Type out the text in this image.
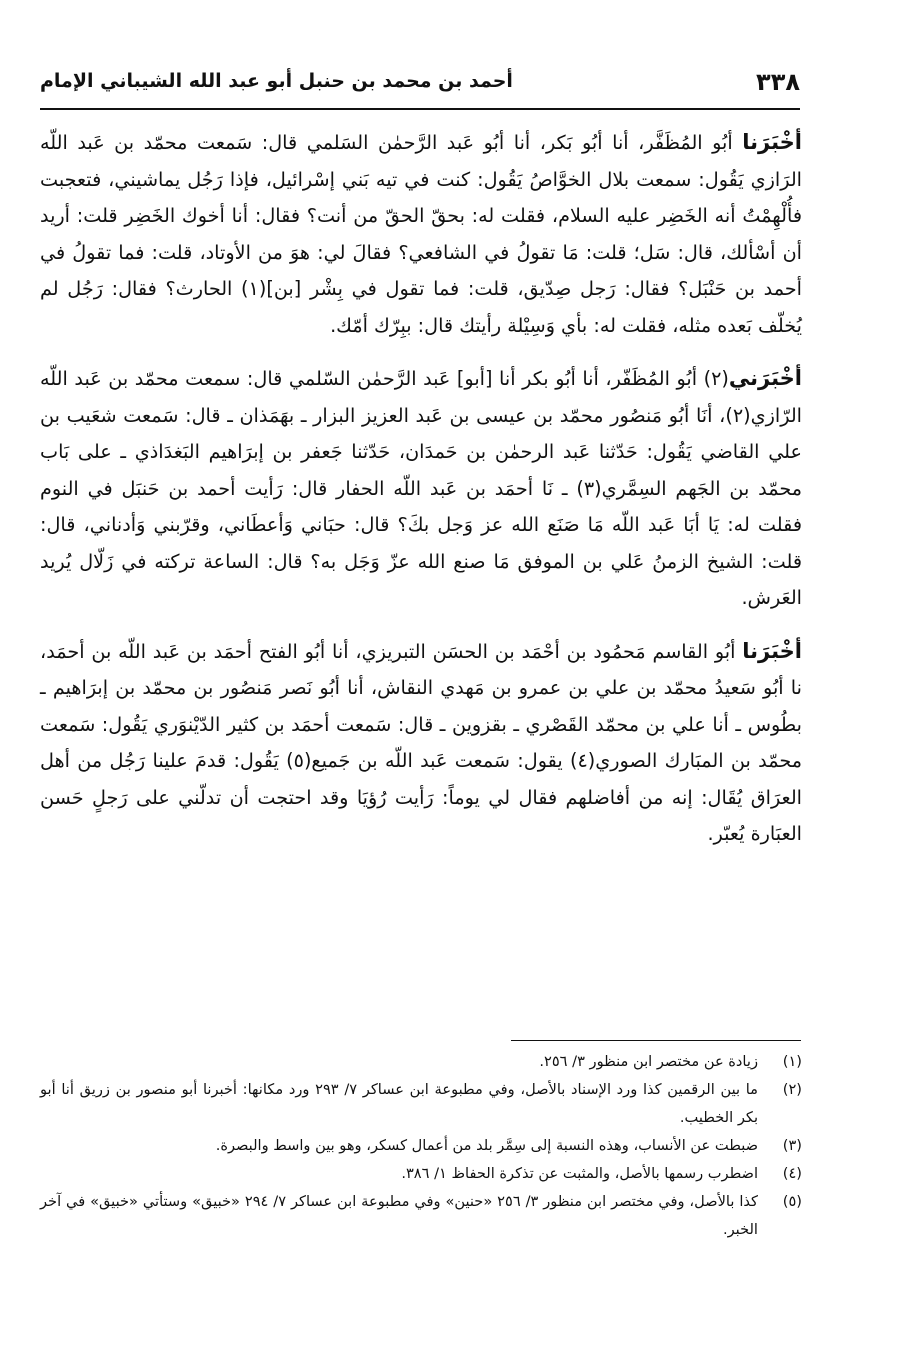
٣٣٨
أحمد بن محمد بن حنبل أبو عبد الله الشيباني الإمام

أخْبَرَنا أبُو المُظَفَّر، أنا أبُو بَكر، أنا أبُو عَبد الرَّحمٰن السَلمي قال: سَمعت محمّد بن عَبد اللّه الرَازي يَقُول: سمعت بلال الخوَّاصُ يَقُول: كنت في تيه بَني إسْرائيل، فإذا رَجُل يماشيني، فتعجبت فأُلْهِمْتُ أنه الخَضِر عليه السلام، فقلت له: بحقّ الحقّ من أنت؟ فقال: أنا أخوك الخَضِر قلت: أريد أن أسْألك، قال: سَل؛ قلت: مَا تقولُ في الشافعي؟ فقالَ لي: هوَ من الأوتاد، قلت: فما تقولُ في أحمد بن حَنْبَل؟ فقال: رَجل صِدّيق، قلت: فما تقول في بِشْر [بن](١) الحارث؟ فقال: رَجُل لم يُخلّف بَعده مثله، فقلت له: بأي وَسِيْلة رأيتك قال: ببِرّك أمّك.

أخْبَرَني(٢) أبُو المُظَفّر، أنا أبُو بكر أنا [أبو] عَبد الرَّحمٰن السّلمي قال: سمعت محمّد بن عَبد اللّه الرّازي(٢)، أنَا أبُو مَنصُور محمّد بن عيسى بن عَبد العزيز البزار ـ بهَمَذان ـ قال: سَمعت شعَيب بن علي القاضي يَقُول: حَدّثنا عَبد الرحمٰن بن حَمدَان، حَدّثنا جَعفر بن إبرَاهيم البَغدَاذي ـ على بَاب محمّد بن الجَهم السِمَّري(٣) ـ نَا أحمَد بن عَبد اللّه الحفار قال: رَأيت أحمد بن حَنبَل في النوم فقلت له: يَا أبَا عَبد اللّه مَا صَنَع الله عز وَجل بكَ؟ قال: حبَاني وَأعطَاني، وقرّبني وَأدناني، قال: قلت: الشيخ الزمنُ عَلي بن الموفق مَا صنع الله عزّ وَجَل به؟ قال: الساعة تركته في زَلّال يُريد العَرش.

أخْبَرَنا أبُو القاسم مَحمُود بن أحْمَد بن الحسَن التبريزي، أنا أبُو الفتح أحمَد بن عَبد اللّه بن أحمَد، نا أبُو سَعيدُ محمّد بن علي بن عمرو بن مَهدي النقاش، أنا أبُو نَصر مَنصُور بن محمّد بن إبرَاهيم ـ بطُوس ـ أنا علي بن محمّد القَصْري ـ بقزوين ـ قال: سَمعت أحمَد بن كثير الدّيْنوَري يَقُول: سَمعت محمّد بن المبَارك الصوري(٤) يقول: سَمعت عَبد اللّه بن جَميع(٥) يَقُول: قدمَ علينا رَجُل من أهل العرَاق يُقَال: إنه من أفاضلهم فقال لي يوماً: رَأيت رُؤيَا وقد احتجت أن تدلّني على رَجلٍ حَسن العبَارة يُعبّر.

(١)
زيادة عن مختصر ابن منظور ٣/ ٢٥٦.

(٢)
ما بين الرقمين كذا ورد الإسناد بالأصل، وفي مطبوعة ابن عساكر ٧/ ٢٩٣ ورد مكانها: أخبرنا أبو منصور بن زريق أنا أبو بكر الخطيب.

(٣)
ضبطت عن الأنساب، وهذه النسبة إلى سِمَّر بلد من أعمال كسكر، وهو بين واسط والبصرة.

(٤)
اضطرب رسمها بالأصل، والمثبت عن تذكرة الحفاظ ١/ ٣٨٦.

(٥)
كذا بالأصل، وفي مختصر ابن منظور ٣/ ٢٥٦ «حنين» وفي مطبوعة ابن عساكر ٧/ ٢٩٤ «خبيق» وستأتي «خبيق» في آخر الخبر.
